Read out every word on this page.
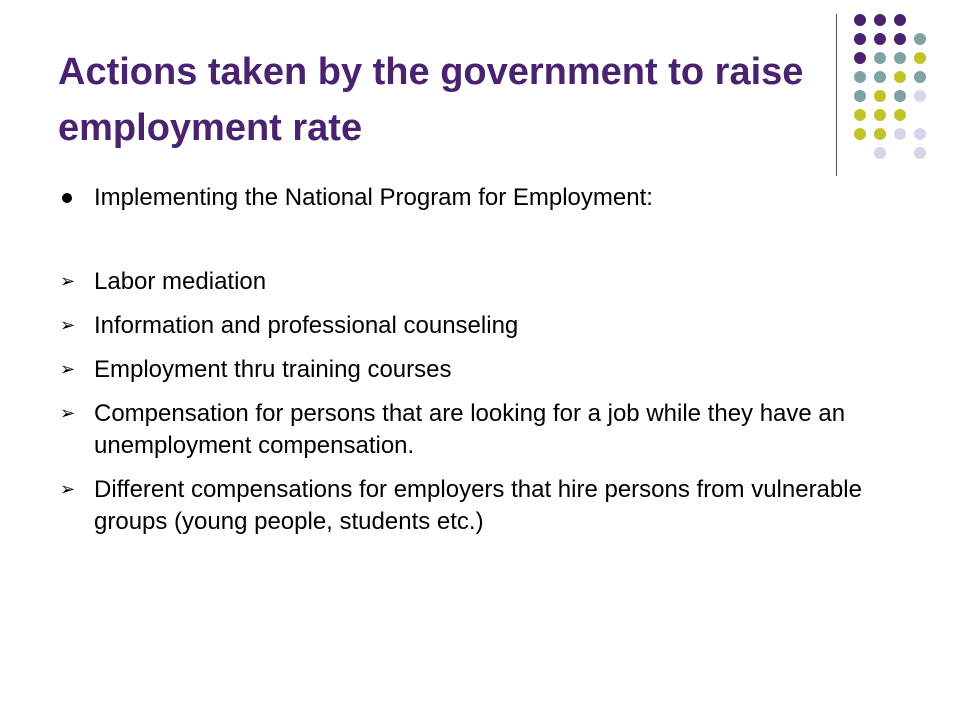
Actions taken by the government to raise employment rate
Implementing the National Program for Employment:
➢ Labor mediation
➢ Information and professional counseling
➢ Employment thru training courses
➢ Compensation for persons that are looking for a job while they have an unemployment compensation.
➢ Different compensations for employers that hire persons from vulnerable groups (young people, students etc.)
